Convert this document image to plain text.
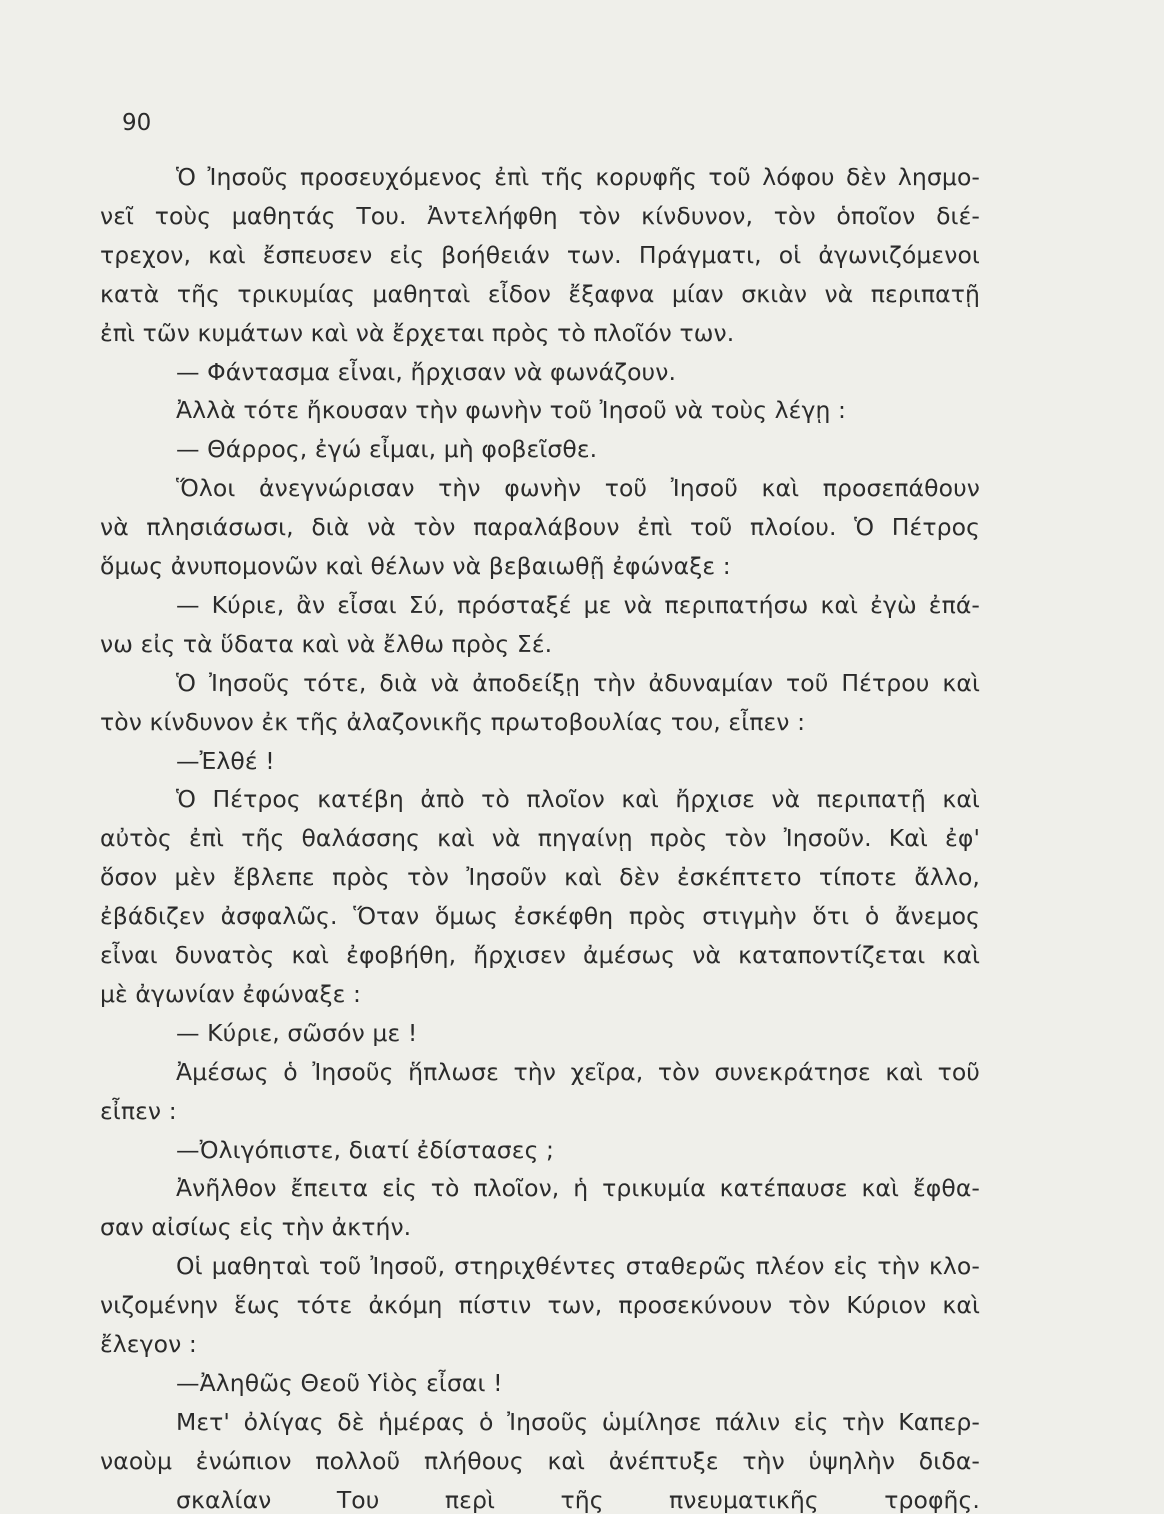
90
Ὁ Ἰησοῦς προσευχόμενος ἐπὶ τῆς κορυφῆς τοῦ λόφου δὲν λησμο-
νεῖ τοὺς μαθητάς Του. Ἀντελήφθη τὸν κίνδυνον, τὸν ὁποῖον διέ-
τρεχον, καὶ ἔσπευσεν εἰς βοήθειάν των. Πράγματι, οἱ ἀγωνιζόμενοι
κατὰ τῆς τρικυμίας μαθηταὶ εἶδον ἔξαφνα μίαν σκιὰν νὰ περιπατῇ
ἐπὶ τῶν κυμάτων καὶ νὰ ἔρχεται πρὸς τὸ πλοῖόν των.
— Φάντασμα εἶναι, ἤρχισαν νὰ φωνάζουν.
Ἀλλὰ τότε ἤκουσαν τὴν φωνὴν τοῦ Ἰησοῦ νὰ τοὺς λέγῃ :
— Θάρρος, ἐγώ εἶμαι, μὴ φοβεῖσθε.
Ὅλοι ἀνεγνώρισαν τὴν φωνὴν τοῦ Ἰησοῦ καὶ προσεπάθουν
νὰ πλησιάσωσι, διὰ νὰ τὸν παραλάβουν ἐπὶ τοῦ πλοίου. Ὁ Πέτρος
ὅμως ἀνυπομονῶν καὶ θέλων νὰ βεβαιωθῇ ἐφώναξε :
— Κύριε, ἂν εἶσαι Σύ, πρόσταξέ με νὰ περιπατήσω καὶ ἐγὼ ἐπά-
νω εἰς τὰ ὕδατα καὶ νὰ ἔλθω πρὸς Σέ.
Ὁ Ἰησοῦς τότε, διὰ νὰ ἀποδείξῃ τὴν ἀδυναμίαν τοῦ Πέτρου καὶ
τὸν κίνδυνον ἐκ τῆς ἀλαζονικῆς πρωτοβουλίας του, εἶπεν :
—Ἐλθέ !
Ὁ Πέτρος κατέβη ἀπὸ τὸ πλοῖον καὶ ἤρχισε νὰ περιπατῇ καὶ
αὐτὸς ἐπὶ τῆς θαλάσσης καὶ νὰ πηγαίνῃ πρὸς τὸν Ἰησοῦν. Καὶ ἐφ'
ὅσον μὲν ἔβλεπε πρὸς τὸν Ἰησοῦν καὶ δὲν ἐσκέπτετο τίποτε ἄλλο,
ἐβάδιζεν ἀσφαλῶς. Ὅταν ὅμως ἐσκέφθη πρὸς στιγμὴν ὅτι ὁ ἄνεμος
εἶναι δυνατὸς καὶ ἐφοβήθη, ἤρχισεν ἀμέσως νὰ καταποντίζεται καὶ
μὲ ἀγωνίαν ἐφώναξε :
— Κύριε, σῶσόν με !
Ἀμέσως ὁ Ἰησοῦς ἥπλωσε τὴν χεῖρα, τὸν συνεκράτησε καὶ τοῦ
εἶπεν :
—Ὀλιγόπιστε, διατί ἐδίστασες ;
Ἀνῆλθον ἔπειτα εἰς τὸ πλοῖον, ἡ τρικυμία κατέπαυσε καὶ ἔφθα-
σαν αἰσίως εἰς τὴν ἀκτήν.
Οἱ μαθηταὶ τοῦ Ἰησοῦ, στηριχθέντες σταθερῶς πλέον εἰς τὴν κλο-
νιζομένην ἕως τότε ἀκόμη πίστιν των, προσεκύνουν τὸν Κύριον καὶ
ἔλεγον :
—Ἀληθῶς Θεοῦ Υἱὸς εἶσαι !
Μετ' ὀλίγας δὲ ἡμέρας ὁ Ἰησοῦς ὡμίλησε πάλιν εἰς τὴν Καπερ-
ναοὺμ ἐνώπιον πολλοῦ πλήθους καὶ ἀνέπτυξε τὴν ὑψηλὴν διδα-
σκαλίαν Του περὶ τῆς πνευματικῆς τροφῆς.
